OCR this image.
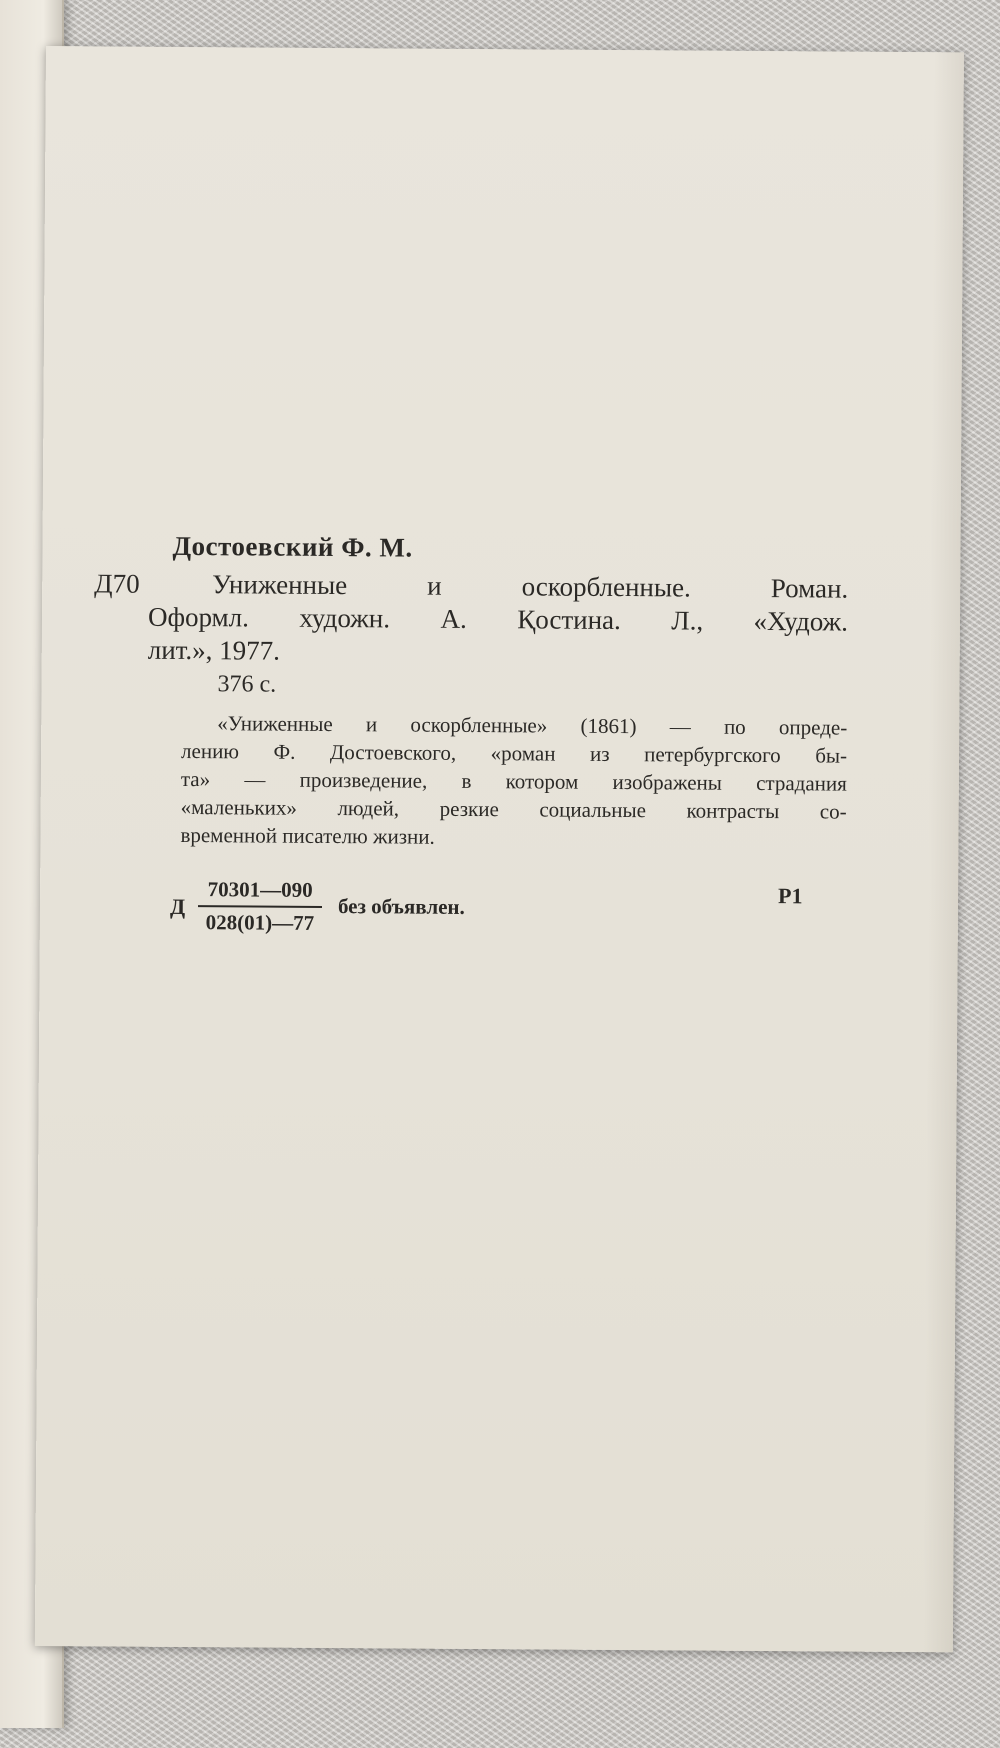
Достоевский Ф. М.
Д70	Униженные и оскорбленные. Роман.
Оформл. художн. А. Қостина. Л., «Худож.
лит.», 1977.
376 с.
«Униженные и оскорбленные» (1861) — по опреде-
лению Ф. Достоевского, «роман из петербургского бы-
та» — произведение, в котором изображены страдания
«маленьких» людей, резкие социальные контрасты со-
временной писателю жизни.
Д $\frac{70301—090}{028(01)—77}$ без объявлен.	Р1
